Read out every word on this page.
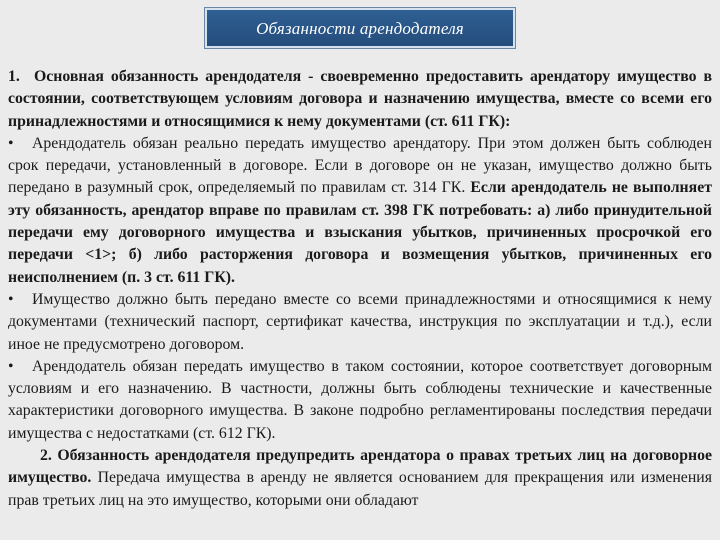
Обязанности арендодателя

1. Основная обязанность арендодателя - своевременно предоставить арендатору имущество в состоянии, соответствующем условиям договора и назначению имущества, вместе со всеми его принадлежностями и относящимися к нему документами (ст. 611 ГК):

• Арендодатель обязан реально передать имущество арендатору. При этом должен быть соблюден срок передачи, установленный в договоре. Если в договоре он не указан, имущество должно быть передано в разумный срок, определяемый по правилам ст. 314 ГК. Если арендодатель не выполняет эту обязанность, арендатор вправе по правилам ст. 398 ГК потребовать: а) либо принудительной передачи ему договорного имущества и взыскания убытков, причиненных просрочкой его передачи <1>; б) либо расторжения договора и возмещения убытков, причиненных его неисполнением (п. 3 ст. 611 ГК).

• Имущество должно быть передано вместе со всеми принадлежностями и относящимися к нему документами (технический паспорт, сертификат качества, инструкция по эксплуатации и т.д.), если иное не предусмотрено договором.

• Арендодатель обязан передать имущество в таком состоянии, которое соответствует договорным условиям и его назначению. В частности, должны быть соблюдены технические и качественные характеристики договорного имущества. В законе подробно регламентированы последствия передачи имущества с недостатками (ст. 612 ГК).

2. Обязанность арендодателя предупредить арендатора о правах третьих лиц на договорное имущество. Передача имущества в аренду не является основанием для прекращения или изменения прав третьих лиц на это имущество, которыми они обладают
